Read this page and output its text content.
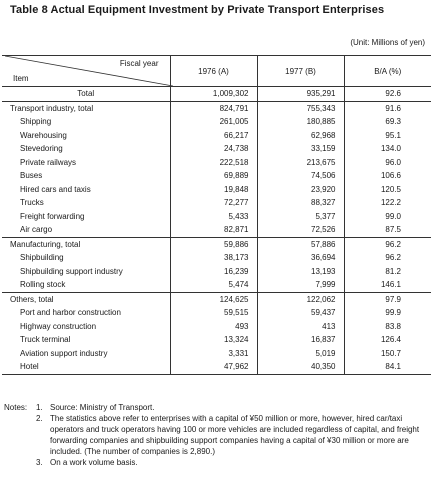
Table 8 Actual Equipment Investment by Private Transport Enterprises
(Unit: Millions of yen)
Fiscal year
Item	1976 (A)	1977 (B)	B/A (%)
Total	1,009,302	935,291	92.6
Transport industry, total	824,791	755,343	91.6
Shipping	261,005	180,885	69.3
Warehousing	66,217	62,968	95.1
Stevedoring	24,738	33,159	134.0
Private railways	222,518	213,675	96.0
Buses	69,889	74,506	106.6
Hired cars and taxis	19,848	23,920	120.5
Trucks	72,277	88,327	122.2
Freight forwarding	5,433	5,377	99.0
Air cargo	82,871	72,526	87.5
Manufacturing, total	59,886	57,886	96.2
Shipbuilding	38,173	36,694	96.2
Shipbuilding support industry	16,239	13,193	81.2
Rolling stock	5,474	7,999	146.1
Others, total	124,625	122,062	97.9
Port and harbor construction	59,515	59,437	99.9
Highway construction	493	413	83.8
Truck terminal	13,324	16,837	126.4
Aviation support industry	3,331	5,019	150.7
Hotel	47,962	40,350	84.1
Notes:	1. Source: Ministry of Transport.
2. The statistics above refer to enterprises with a capital of ¥50 million or more, however, hired car/taxi operators and truck operators having 100 or more vehicles are included regardless of capital, and freight forwarding companies and shipbuilding support companies having a capital of ¥30 million or more are included. (The number of companies is 2,890.)
3. On a work volume basis.
